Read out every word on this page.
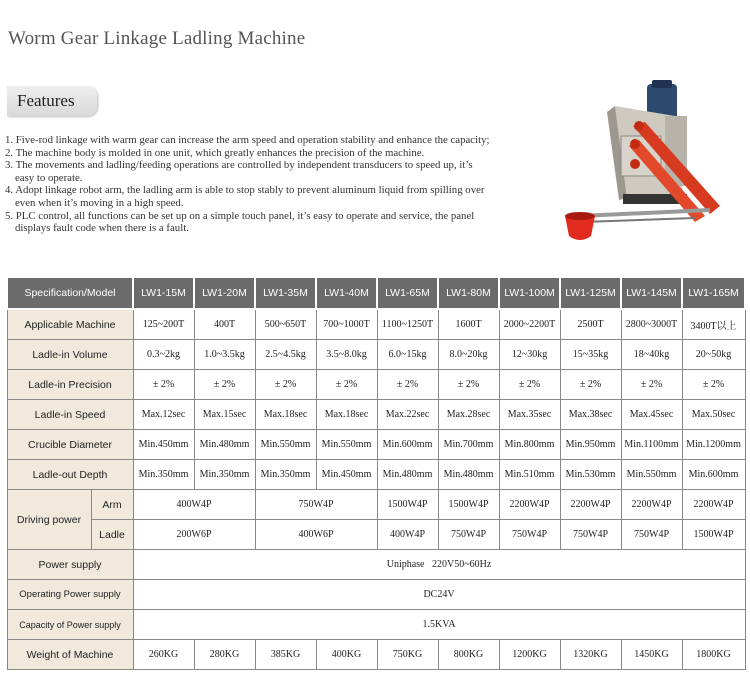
Worm Gear Linkage Ladling Machine
Features
1. Five-rod linkage with warm gear can increase the arm speed and operation stability and enhance the capacity;
2. The machine body is molded in one unit, which greatly enhances the precision of the machine.
3. The movements and ladling/feeding operations are controlled by independent transducers to speed up, it’s
easy to operate.
4. Adopt linkage robot arm, the ladling arm is able to stop stably to prevent aluminum liquid from spilling over
even when it’s moving in a high speed.
5. PLC control, all functions can be set up on a simple touch panel, it’s easy to operate and service, the panel
displays fault code when there is a fault.
Specification/Model		LW1-15M	LW1-20M	LW1-35M	LW1-40M	LW1-65M	LW1-80M	LW1-100M	LW1-125M	LW1-145M	LW1-165M
Applicable Machine		125~200T	400T	500~650T	700~1000T	1100~1250T	1600T	2000~2200T	2500T	2800~3000T	3400T以上
Ladle-in Volume		0.3~2kg	1.0~3.5kg	2.5~4.5kg	3.5~8.0kg	6.0~15kg	8.0~20kg	12~30kg	15~35kg	18~40kg	20~50kg
Ladle-in Precision		± 2%	± 2%	± 2%	± 2%	± 2%	± 2%	± 2%	± 2%	± 2%	± 2%
Ladle-in Speed		Max.12sec	Max.15sec	Max.18sec	Max.18sec	Max.22sec	Max.28sec	Max.35sec	Max.38sec	Max.45sec	Max.50sec
Crucible Diameter		Min.450mm	Min.480mm	Min.550mm	Min.550mm	Min.600mm	Min.700mm	Min.800mm	Min.950mm	Min.1100mm	Min.1200mm
Ladle-out Depth		Min.350mm	Min.350mm	Min.350mm	Min.450mm	Min.480mm	Min.480mm	Min.510mm	Min.530mm	Min.550mm	Min.600mm
Driving power	Arm	400W4P		750W4P		1500W4P	1500W4P	2200W4P	2200W4P	2200W4P	2200W4P
	Ladle	200W6P		400W6P		400W4P	750W4P	750W4P	750W4P	750W4P	1500W4P
Power supply		Uniphase   220V50~60Hz									
Operating Power supply		DC24V									
Capacity of Power supply		1.5KVA									
Weight of Machine		260KG	280KG	385KG	400KG	750KG	800KG	1200KG	1320KG	1450KG	1800KG
